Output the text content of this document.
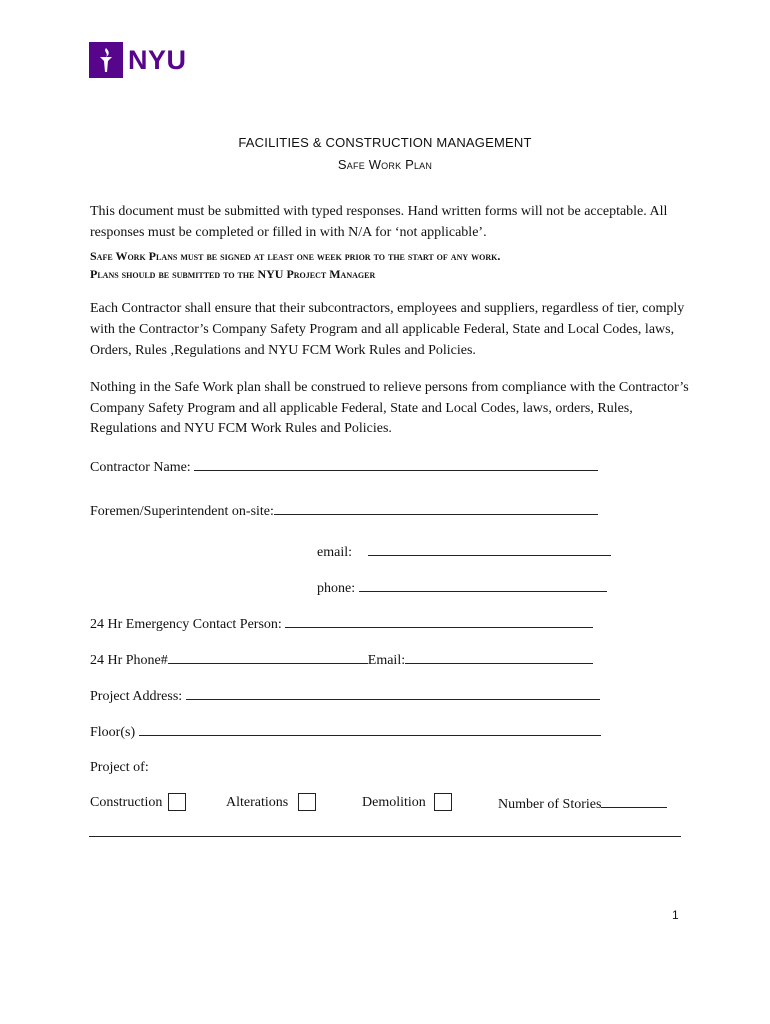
NYU
FACILITIES & CONSTRUCTION MANAGEMENT
Safe Work Plan
This document must be submitted with typed responses. Hand written forms will not be acceptable. All responses must be completed or filled in with N/A for ‘not applicable’.
Safe Work Plans must be signed at least one week prior to the start of any work.
Plans should be submitted to the NYU Project Manager
Each Contractor shall ensure that their subcontractors, employees and suppliers, regardless of tier, comply with the Contractor’s Company Safety Program and all applicable Federal, State and Local Codes, laws, Orders, Rules ,Regulations and NYU FCM Work Rules and Policies.
Nothing in the Safe Work plan shall be construed to relieve persons from compliance with the Contractor’s Company Safety Program and all applicable Federal, State and Local Codes, laws, orders, Rules, Regulations and NYU FCM Work Rules and Policies.
Contractor Name:
Foremen/Superintendent on-site:
email:
phone:
24 Hr Emergency Contact Person:
24 Hr Phone#	Email:
Project Address:
Floor(s)
Project of:
Construction	Alterations	Demolition	Number of Stories
1
